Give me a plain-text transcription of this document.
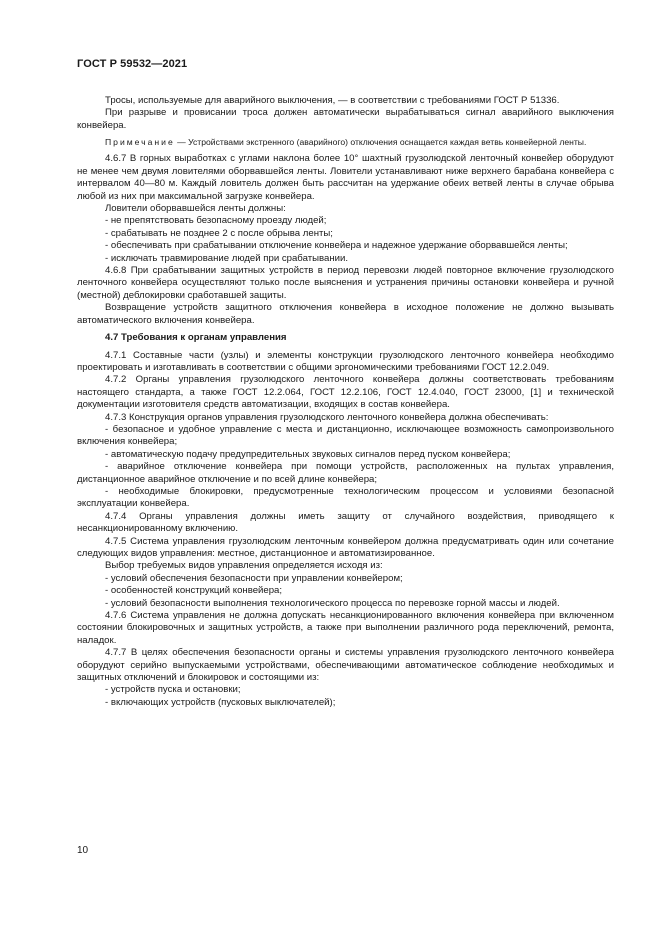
ГОСТ Р 59532—2021

Тросы, используемые для аварийного выключения, — в соответствии с требованиями ГОСТ Р 51336.

При разрыве и провисании троса должен автоматически вырабатываться сигнал аварийного выключения конвейера.

Примечание — Устройствами экстренного (аварийного) отключения оснащается каждая ветвь конвейерной ленты.

4.6.7 В горных выработках с углами наклона более 10° шахтный грузолюдской ленточный конвейер оборудуют не менее чем двумя ловителями оборвавшейся ленты. Ловители устанавливают ниже верхнего барабана конвейера с интервалом 40—80 м. Каждый ловитель должен быть рассчитан на удержание обеих ветвей ленты в случае обрыва любой из них при максимальной загрузке конвейера.

Ловители оборвавшейся ленты должны:

- не препятствовать безопасному проезду людей;

- срабатывать не позднее 2 с после обрыва ленты;

- обеспечивать при срабатывании отключение конвейера и надежное удержание оборвавшейся ленты;

- исключать травмирование людей при срабатывании.

4.6.8 При срабатывании защитных устройств в период перевозки людей повторное включение грузолюдского ленточного конвейера осуществляют только после выяснения и устранения причины остановки конвейера и ручной (местной) деблокировки сработавшей защиты.

Возвращение устройств защитного отключения конвейера в исходное положение не должно вызывать автоматического включения конвейера.

4.7 Требования к органам управления

4.7.1 Составные части (узлы) и элементы конструкции грузолюдского ленточного конвейера необходимо проектировать и изготавливать в соответствии с общими эргономическими требованиями ГОСТ 12.2.049.

4.7.2 Органы управления грузолюдского ленточного конвейера должны соответствовать требованиям настоящего стандарта, а также ГОСТ 12.2.064, ГОСТ 12.2.106, ГОСТ 12.4.040, ГОСТ 23000, [1] и технической документации изготовителя средств автоматизации, входящих в состав конвейера.

4.7.3 Конструкция органов управления грузолюдского ленточного конвейера должна обеспечивать:

- безопасное и удобное управление с места и дистанционно, исключающее возможность самопроизвольного включения конвейера;

- автоматическую подачу предупредительных звуковых сигналов перед пуском конвейера;

- аварийное отключение конвейера при помощи устройств, расположенных на пультах управления, дистанционное аварийное отключение и по всей длине конвейера;

- необходимые блокировки, предусмотренные технологическим процессом и условиями безопасной эксплуатации конвейера.

4.7.4 Органы управления должны иметь защиту от случайного воздействия, приводящего к несанкционированному включению.

4.7.5 Система управления грузолюдским ленточным конвейером должна предусматривать один или сочетание следующих видов управления: местное, дистанционное и автоматизированное.

Выбор требуемых видов управления определяется исходя из:

- условий обеспечения безопасности при управлении конвейером;

- особенностей конструкций конвейера;

- условий безопасности выполнения технологического процесса по перевозке горной массы и людей.

4.7.6 Система управления не должна допускать несанкционированного включения конвейера при включенном состоянии блокировочных и защитных устройств, а также при выполнении различного рода переключений, ремонта, наладок.

4.7.7 В целях обеспечения безопасности органы и системы управления грузолюдского ленточного конвейера оборудуют серийно выпускаемыми устройствами, обеспечивающими автоматическое соблюдение необходимых и защитных отключений и блокировок и состоящими из:

- устройств пуска и остановки;

- включающих устройств (пусковых выключателей);

10
